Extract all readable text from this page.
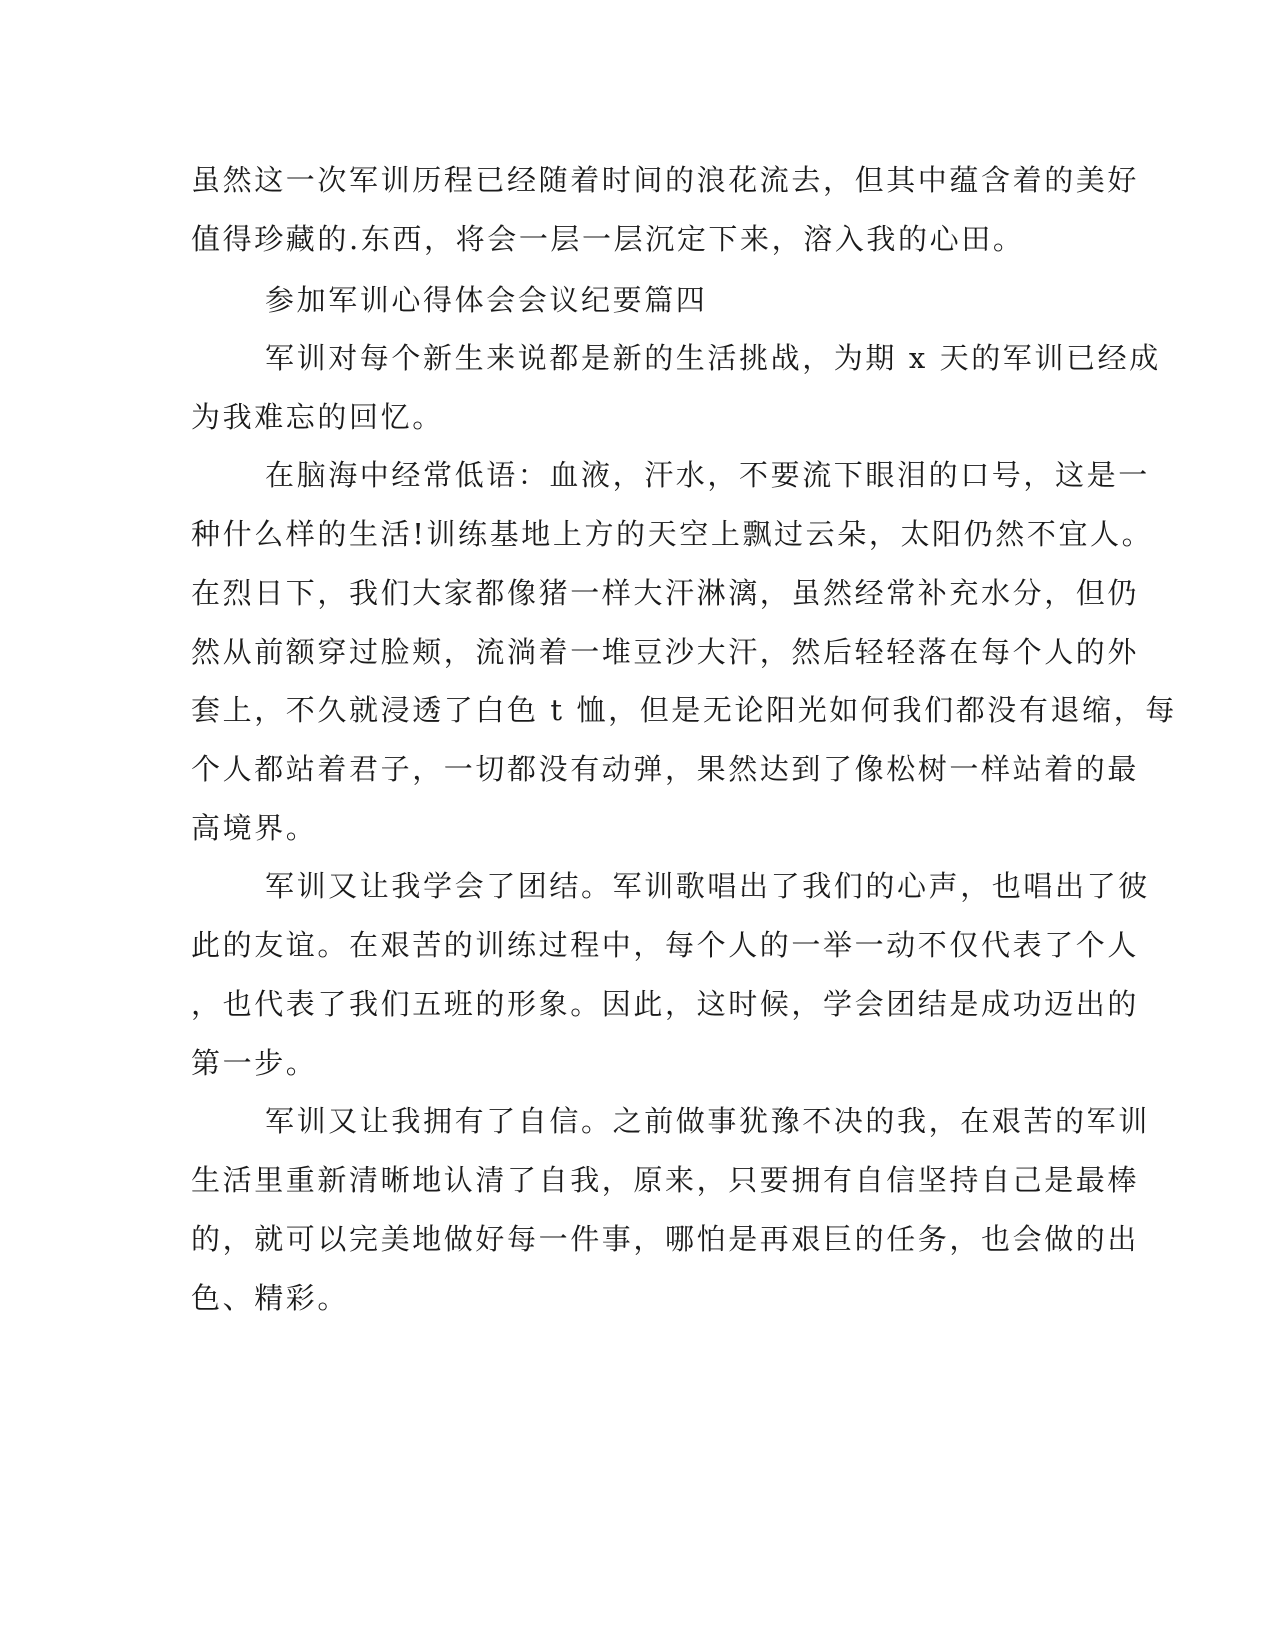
虽然这一次军训历程已经随着时间的浪花流去，但其中蕴含着的美好
值得珍藏的.东西，将会一层一层沉定下来，溶入我的心田。
参加军训心得体会会议纪要篇四
军训对每个新生来说都是新的生活挑战，为期 x 天的军训已经成
为我难忘的回忆。
在脑海中经常低语：血液，汗水，不要流下眼泪的口号，这是一
种什么样的生活!训练基地上方的天空上飘过云朵，太阳仍然不宜人。
在烈日下，我们大家都像猪一样大汗淋漓，虽然经常补充水分，但仍
然从前额穿过脸颊，流淌着一堆豆沙大汗，然后轻轻落在每个人的外
套上，不久就浸透了白色 t 恤，但是无论阳光如何我们都没有退缩，每
个人都站着君子，一切都没有动弹，果然达到了像松树一样站着的最
高境界。
军训又让我学会了团结。军训歌唱出了我们的心声，也唱出了彼
此的友谊。在艰苦的训练过程中，每个人的一举一动不仅代表了个人
，也代表了我们五班的形象。因此，这时候，学会团结是成功迈出的
第一步。
军训又让我拥有了自信。之前做事犹豫不决的我，在艰苦的军训
生活里重新清晰地认清了自我，原来，只要拥有自信坚持自己是最棒
的，就可以完美地做好每一件事，哪怕是再艰巨的任务，也会做的出
色、精彩。
